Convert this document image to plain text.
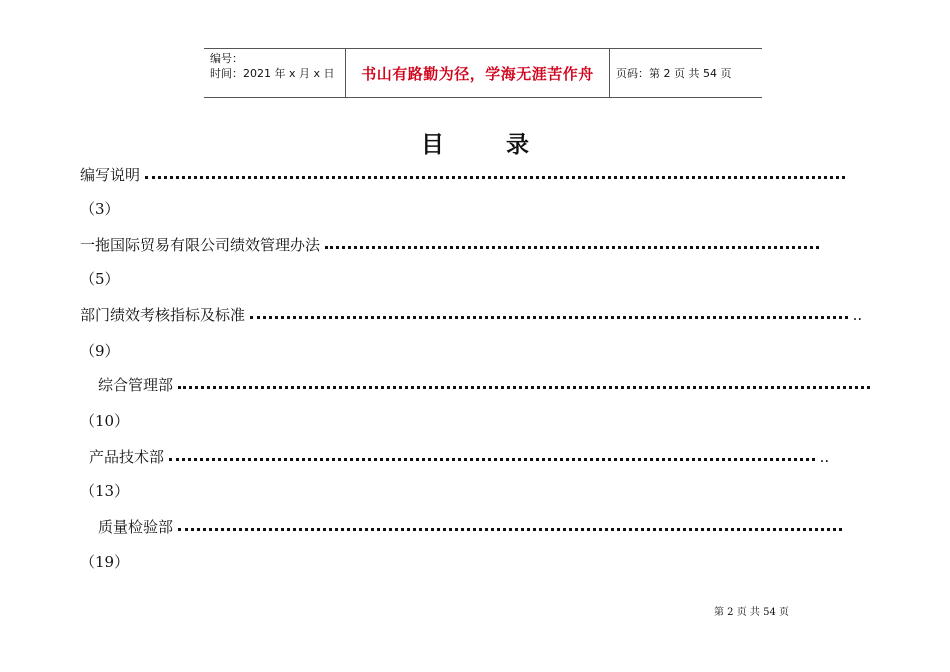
编号：
时间：2021 年 x 月 x 日	书山有路勤为径，学海无涯苦作舟 页码：第 2 页 共 54 页
目	录
编写说明
（3）
一拖国际贸易有限公司绩效管理办法
（5）
部门绩效考核指标及标准	..
（9）
综合管理部
（10）
产品技术部	..
（13）
质量检验部
（19）
第 2 页 共 54 页
